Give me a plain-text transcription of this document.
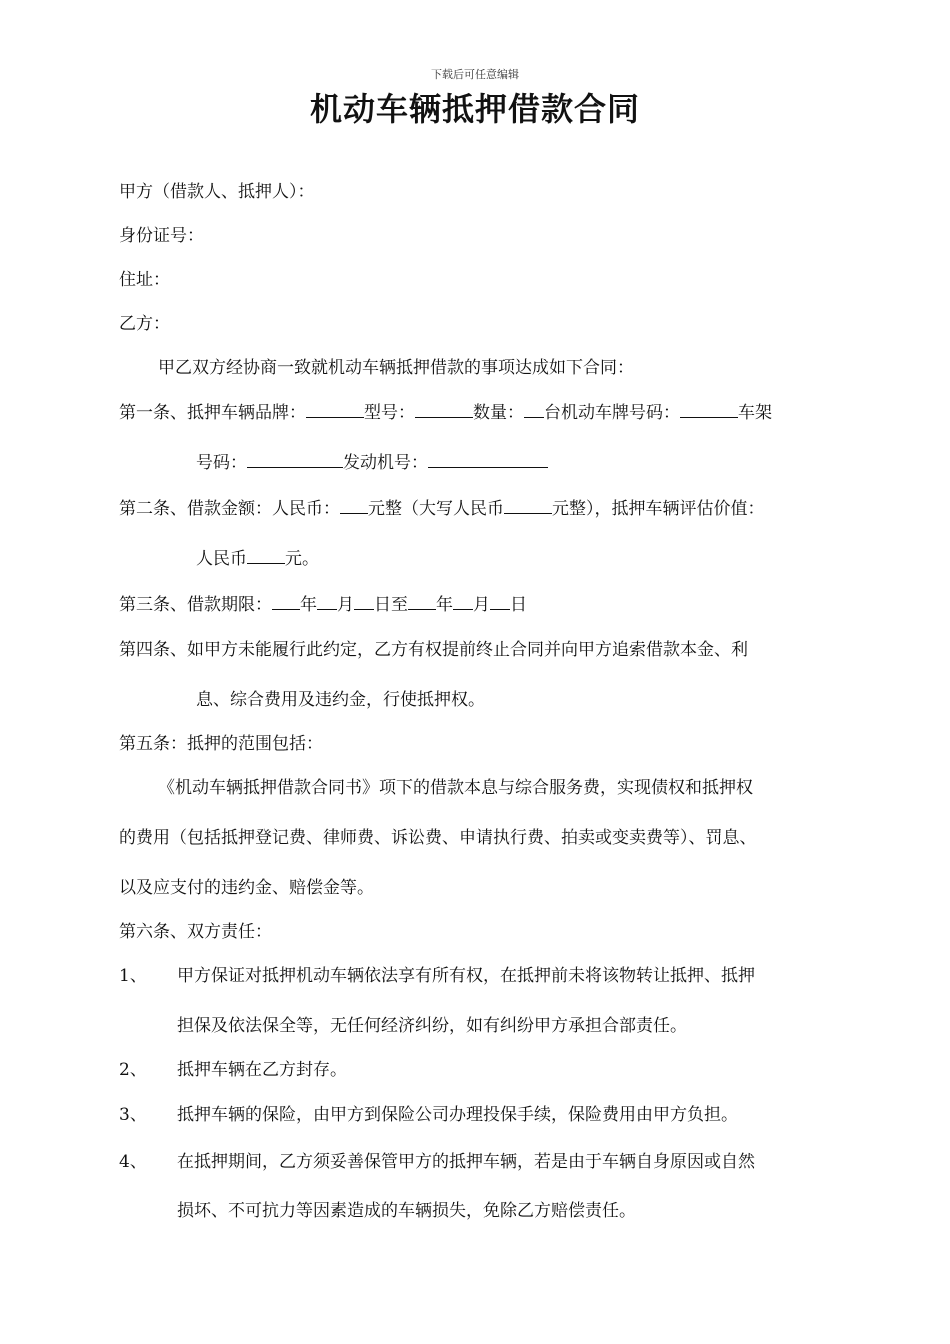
下载后可任意编辑
机动车辆抵押借款合同
甲方（借款人、抵押人）：
身份证号：
住址：
乙方：
甲乙双方经协商一致就机动车辆抵押借款的事项达成如下合同：
第一条、抵押车辆品牌：	型号：	数量： 台机动车牌号码：	车架
号码：	发动机号：
第二条、借款金额：人民币： 元整（大写人民币	元整），抵押车辆评估价值：
人民币 元。
第三条、借款期限： 年 月 日至 年 月 日
第四条、如甲方未能履行此约定，乙方有权提前终止合同并向甲方追索借款本金、利
息、综合费用及违约金，行使抵押权。
第五条：抵押的范围包括：
《机动车辆抵押借款合同书》项下的借款本息与综合服务费，实现债权和抵押权
的费用（包括抵押登记费、律师费、诉讼费、申请执行费、拍卖或变卖费等）、罚息、
以及应支付的违约金、赔偿金等。
第六条、双方责任：
1、 甲方保证对抵押机动车辆依法享有所有权，在抵押前未将该物转让抵押、抵押
担保及依法保全等，无任何经济纠纷，如有纠纷甲方承担合部责任。
2、 抵押车辆在乙方封存。
3、 抵押车辆的保险，由甲方到保险公司办理投保手续，保险费用由甲方负担。
4、 在抵押期间，乙方须妥善保管甲方的抵押车辆，若是由于车辆自身原因或自然
损坏、不可抗力等因素造成的车辆损失，免除乙方赔偿责任。
